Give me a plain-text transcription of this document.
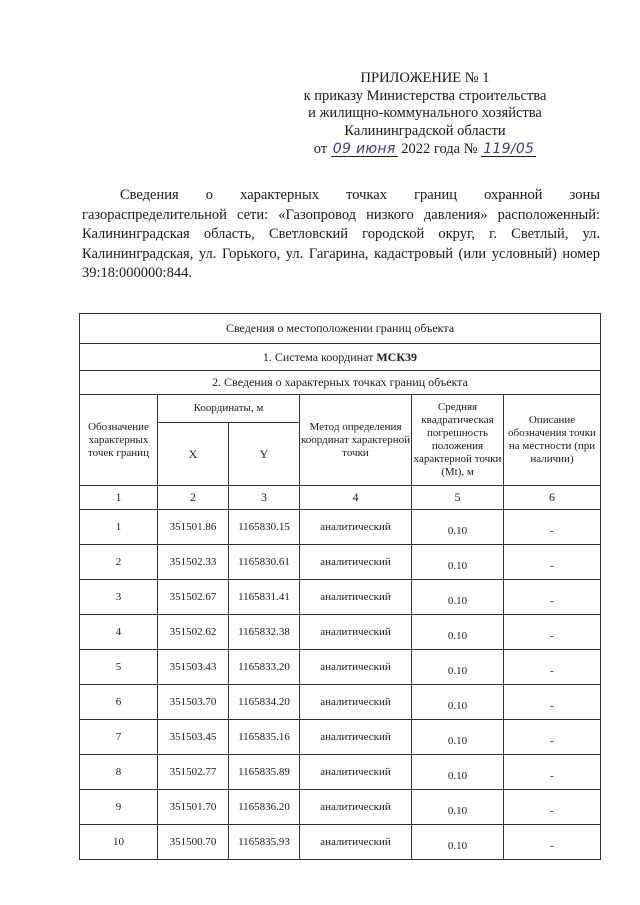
ПРИЛОЖЕНИЕ № 1
к приказу Министерства строительства
и жилищно-коммунального хозяйства
Калининградской области
от 09 июня 2022 года № 119/05
Сведения о характерных точках границ охранной зоны газораспределительной сети: «Газопровод низкого давления» расположенный: Калининградская область, Светловский городской округ, г. Светлый, ул. Калининградская, ул. Горького, ул. Гагарина, кадастровый (или условный) номер 39:18:000000:844.
Сведения о местоположении границ объекта					
1. Система координат МСК39					
2. Сведения о характерных точках границ объекта					
Обозначение характерных точек границ	Координаты, м		Метод определения координат характерной точки	Средняя квадратическая погрешность положения характерной точки (Mt), м	Описание обозначения точки на местности (при наличии)
	X	Y			
1	2	3	4	5	6
1	351501.86	1165830.15	аналитический	0.10	-
2	351502.33	1165830.61	аналитический	0.10	-
3	351502.67	1165831.41	аналитический	0.10	-
4	351502.62	1165832.38	аналитический	0.10	-
5	351503.43	1165833.20	аналитический	0.10	-
6	351503.70	1165834.20	аналитический	0.10	-
7	351503.45	1165835.16	аналитический	0.10	-
8	351502.77	1165835.89	аналитический	0.10	-
9	351501.70	1165836.20	аналитический	0.10	-
10	351500.70	1165835.93	аналитический	0.10	-
